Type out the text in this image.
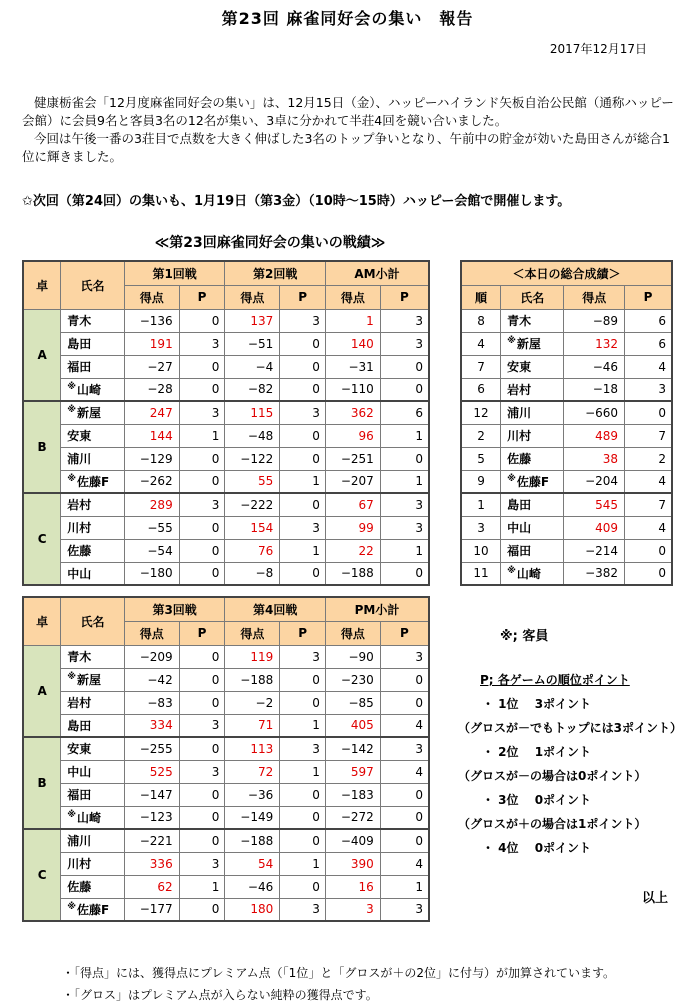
第23回 麻雀同好会の集い　報告
2017年12月17日

健康栃雀会「12月度麻雀同好会の集い」は、12月15日（金）、ハッピーハイランド矢板自治公民館（通称ハッピー会館）に会員9名と客員3名の12名が集い、3卓に分かれて半荘4回を競い合いました。

今回は午後一番の3荘目で点数を大きく伸ばした3名のトップ争いとなり、午前中の貯金が効いた島田さんが総合1位に輝きました。

✩次回（第24回）の集いも、1月19日（第3金）（10時～15時）ハッピー会館で開催します。
≪第23回麻雀同好会の集いの戦績≫
卓	氏名	第1回戦		第2回戦		AM小計	
		得点	P	得点	P	得点	P
A	青木	−136	0	137	3	1	3
	島田	191	3	−51	0	140	3
	福田	−27	0	−4	0	−31	0
	※山崎	−28	0	−82	0	−110	0
B	※新屋	247	3	115	3	362	6
	安東	144	1	−48	0	96	1
	浦川	−129	0	−122	0	−251	0
	※佐藤F	−262	0	55	1	−207	1
C	岩村	289	3	−222	0	67	3
	川村	−55	0	154	3	99	3
	佐藤	−54	0	76	1	22	1
	中山	−180	0	−8	0	−188	0
卓	氏名	第3回戦		第4回戦		PM小計	
		得点	P	得点	P	得点	P
A	青木	−209	0	119	3	−90	3
	※新屋	−42	0	−188	0	−230	0
	岩村	−83	0	−2	0	−85	0
	島田	334	3	71	1	405	4
B	安東	−255	0	113	3	−142	3
	中山	525	3	72	1	597	4
	福田	−147	0	−36	0	−183	0
	※山崎	−123	0	−149	0	−272	0
C	浦川	−221	0	−188	0	−409	0
	川村	336	3	54	1	390	4
	佐藤	62	1	−46	0	16	1
	※佐藤F	−177	0	180	3	3	3
＜本日の総合成績＞			
順	氏名	得点	P
8	青木	−89	6
4	※新屋	132	6
7	安東	−46	4
6	岩村	−18	3
12	浦川	−660	0
2	川村	489	7
5	佐藤	38	2
9	※佐藤F	−204	4
1	島田	545	7
3	中山	409	4
10	福田	−214	0
11	※山崎	−382	0
※; 客員
P; 各ゲームの順位ポイント
・ 1位　 3ポイント
（グロスが－でもトップには3ポイント）
・ 2位　 1ポイント
（グロスが－の場合は0ポイント）
・ 3位　 0ポイント
（グロスが＋の場合は1ポイント）
・ 4位　 0ポイント
以上
・「得点」には、獲得点にプレミアム点（「1位」と「グロスが＋の2位」に付与）が加算されています。
・「グロス」はプレミアム点が入らない純粋の獲得点です。
